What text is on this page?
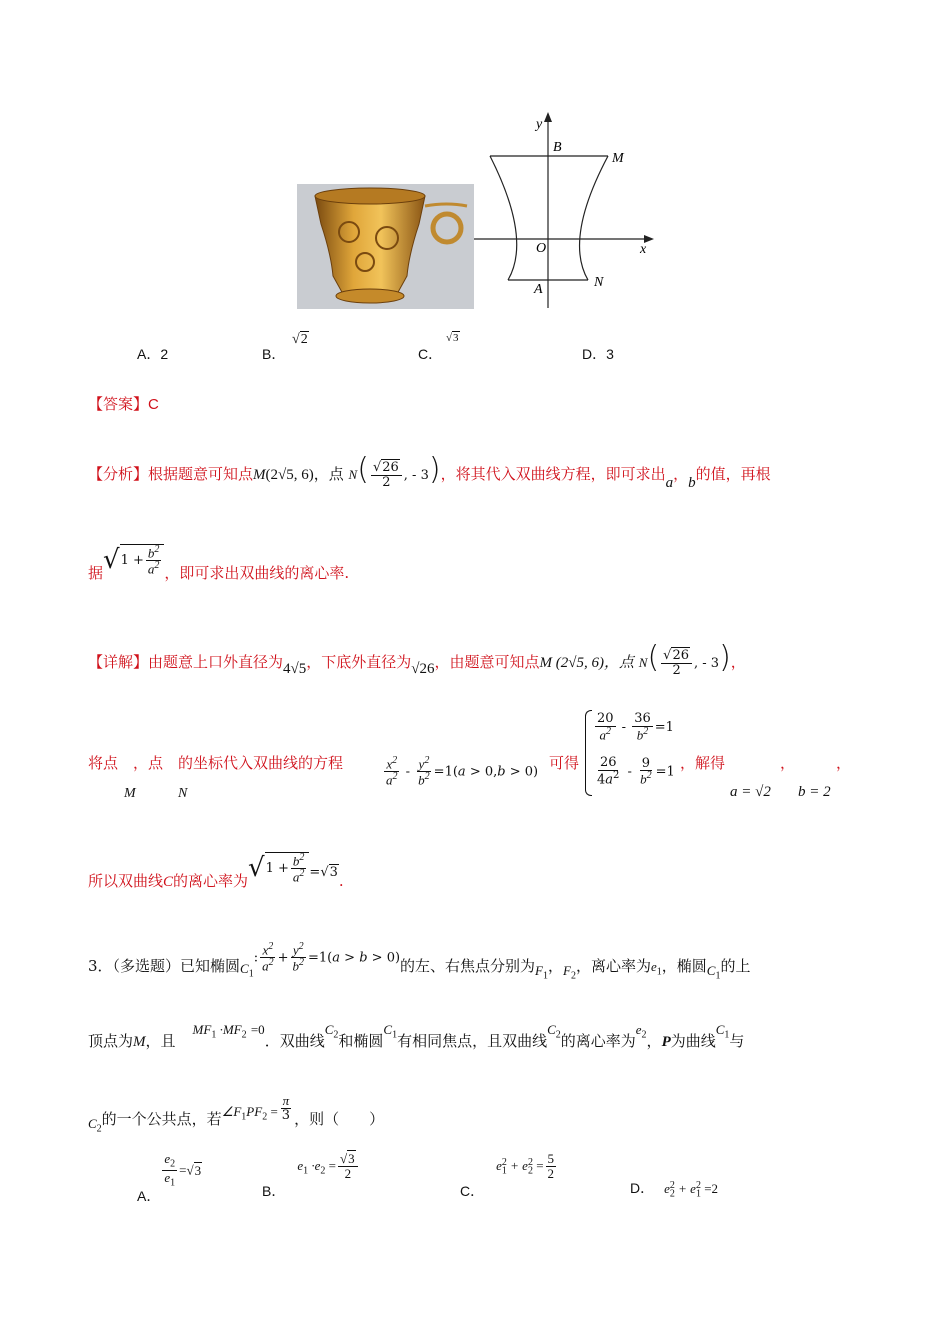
y
x
O
B
A
M
N
A．2	B．
√2
C．
√3
D．3
【答案】C
【分析】根据题意可知点M(2√5, 6)，点 $N( \frac{√26}{2}$ , - 3)，将其代入双曲线方程，即可求出a，b的值，再根
据√ $1 + \frac{b^2}{a^2}$ ，即可求出双曲线的离心率.
【详解】由题意上口外直径为4√5，下底外直径为√26，由题意可知点M (2√5, 6)，点 $N( \frac{√26}{2}$ , - 3)，
将点　，点　的坐标代入双曲线的方程
M	N
$\frac{x^2}{a^2} - \frac{y^2}{b^2} =1(a > 0,b > 0)$ 可得
$\frac{20}{a^2} - \frac{36}{b^2} =1$
$\frac{26}{4a^2} - \frac{9}{b^2} =1$ ，解得	，	，
a = √2 b = 2
所以双曲线C的离心率为√ $1 + \frac{b^2}{a^2} =√3$.
3．（多选题）已知椭圆$C_1$: $\frac{x^2}{a^2} + \frac{y^2}{b^2} =1(a > b > 0)$的左、右焦点分别为$F_1$，$F_2$，离心率为$e_1$，椭圆$C_1$的上
顶点为M，且$MF_1 \cdot MF_2 =0$．双曲线$C_2$和椭圆$C_1$有相同焦点，且双曲线$C_2$的离心率为$e_2$，P为曲线$C_1$与
$C_2$的一个公共点，若$\angle F_1PF_2 = \frac{\pi}{3}$ ，则（　　）
A．
$\frac{e_2}{e_1} =√3$
B．$e_1 \cdot e_2 = \frac{√3}{2}$
C．$e_1^2 + e_2^2 = \frac{5}{2}$
D． $e_2^2 + e_1^2 =2$
